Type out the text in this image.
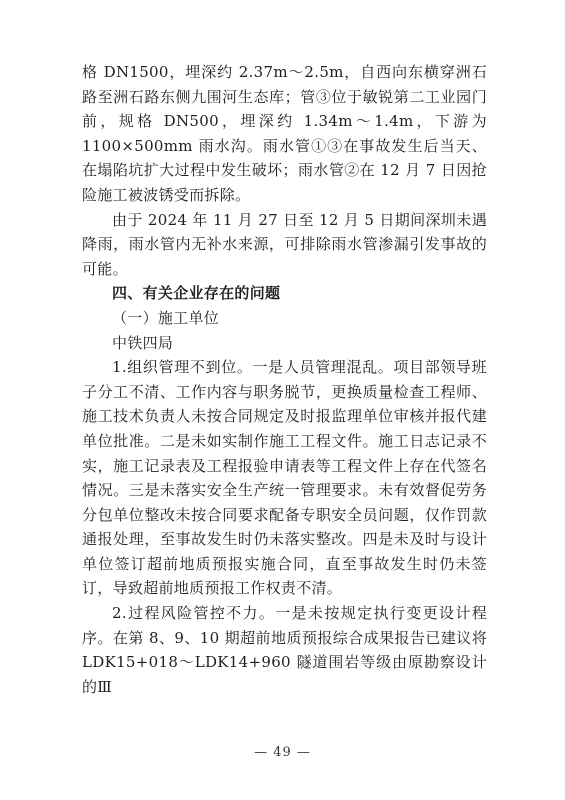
格 DN1500，埋深约 2.37m～2.5m，自西向东横穿洲石路至洲石路东侧九围河生态库；管③位于敏锐第二工业园门前，规格 DN500，埋深约 1.34m～1.4m，下游为 1100×500mm 雨水沟。雨水管①③在事故发生后当天、在塌陷坑扩大过程中发生破坏；雨水管②在 12 月 7 日因抢险施工被波锈受而拆除。

由于 2024 年 11 月 27 日至 12 月 5 日期间深圳未遇降雨，雨水管内无补水来源，可排除雨水管渗漏引发事故的可能。

四、有关企业存在的问题

（一）施工单位

中铁四局

1.组织管理不到位。一是人员管理混乱。项目部领导班子分工不清、工作内容与职务脱节，更换质量检查工程师、施工技术负责人未按合同规定及时报监理单位审核并报代建单位批准。二是未如实制作施工工程文件。施工日志记录不实，施工记录表及工程报验申请表等工程文件上存在代签名情况。三是未落实安全生产统一管理要求。未有效督促劳务分包单位整改未按合同要求配备专职安全员问题，仅作罚款通报处理，至事故发生时仍未落实整改。四是未及时与设计单位签订超前地质预报实施合同，直至事故发生时仍未签订，导致超前地质预报工作权责不清。

2.过程风险管控不力。一是未按规定执行变更设计程序。在第 8、9、10 期超前地质预报综合成果报告已建议将LDK15+018～LDK14+960 隧道围岩等级由原勘察设计的Ⅲ

— 49 —
